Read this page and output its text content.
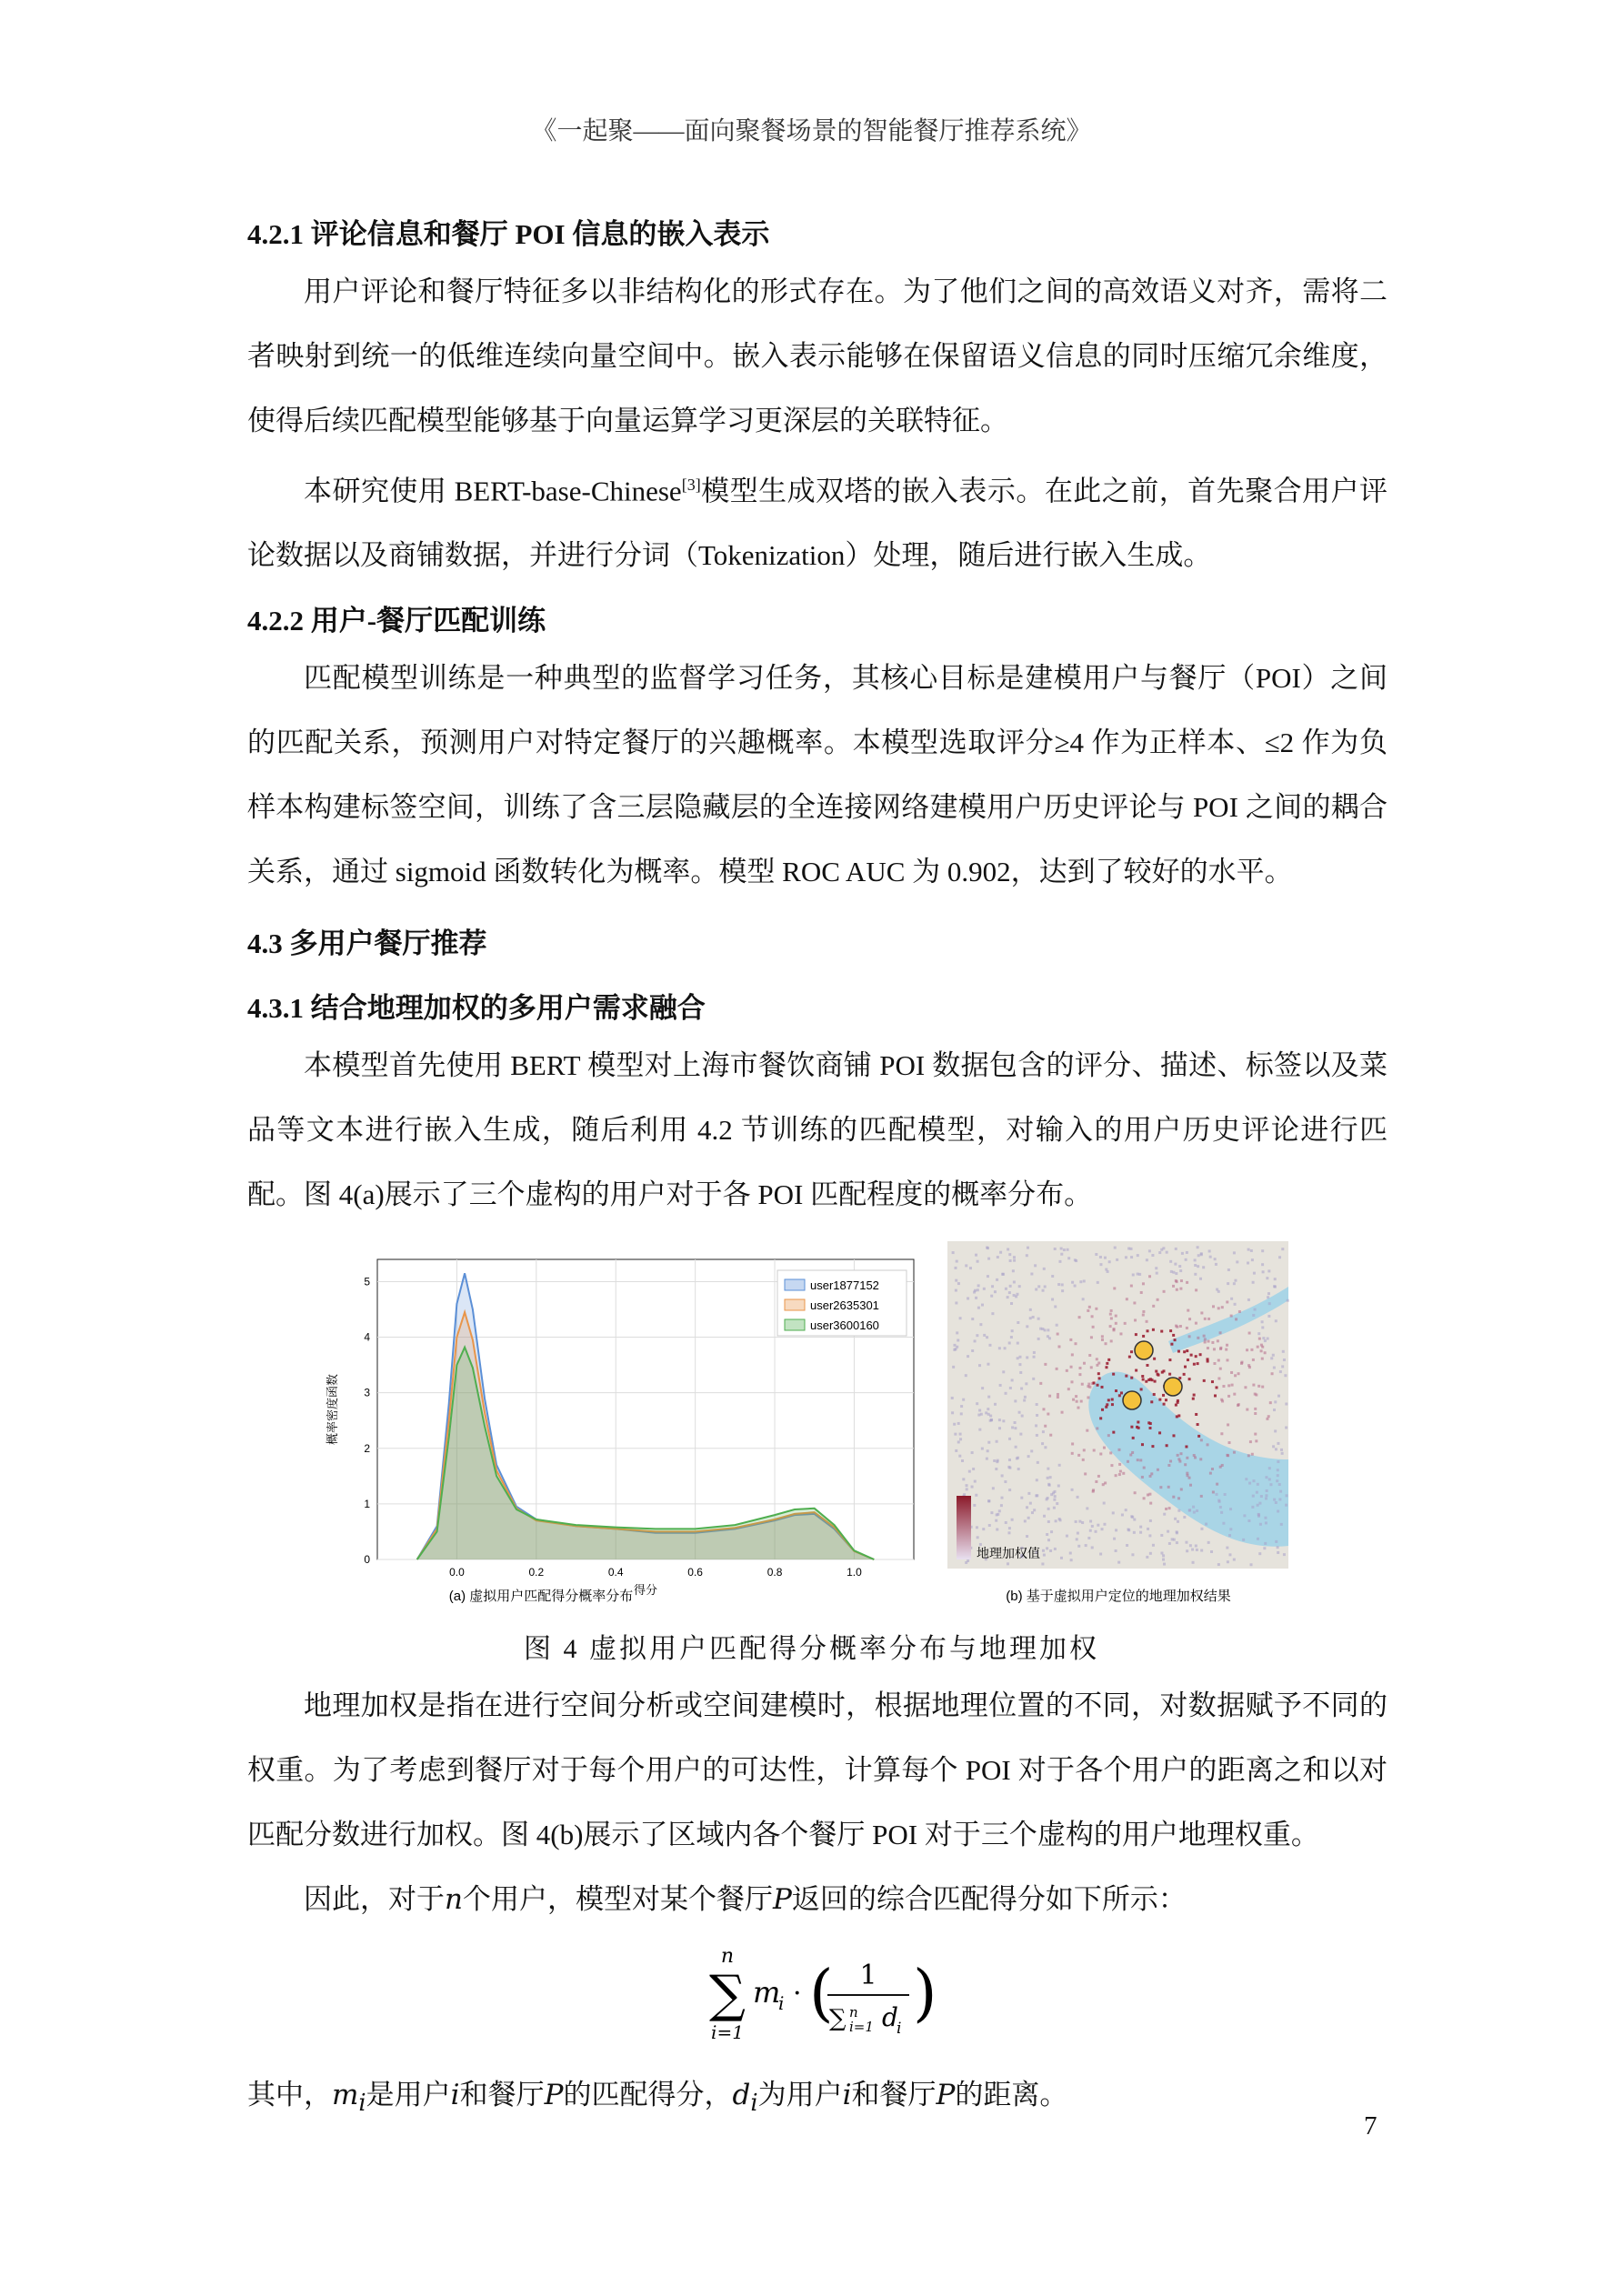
《一起聚——面向聚餐场景的智能餐厅推荐系统》
4.2.1 评论信息和餐厅 POI 信息的嵌入表示

用户评论和餐厅特征多以非结构化的形式存在。为了他们之间的高效语义对齐，需将二者映射到统一的低维连续向量空间中。嵌入表示能够在保留语义信息的同时压缩冗余维度，使得后续匹配模型能够基于向量运算学习更深层的关联特征。

本研究使用 BERT-base-Chinese[3]模型生成双塔的嵌入表示。在此之前，首先聚合用户评论数据以及商铺数据，并进行分词（Tokenization）处理，随后进行嵌入生成。

4.2.2 用户-餐厅匹配训练

匹配模型训练是一种典型的监督学习任务，其核心目标是建模用户与餐厅（POI）之间的匹配关系，预测用户对特定餐厅的兴趣概率。本模型选取评分≥4 作为正样本、≤2 作为负样本构建标签空间，训练了含三层隐藏层的全连接网络建模用户历史评论与 POI 之间的耦合关系，通过 sigmoid 函数转化为概率。模型 ROC AUC 为 0.902，达到了较好的水平。

4.3 多用户餐厅推荐
4.3.1 结合地理加权的多用户需求融合

本模型首先使用 BERT 模型对上海市餐饮商铺 POI 数据包含的评分、描述、标签以及菜品等文本进行嵌入生成，随后利用 4.2 节训练的匹配模型，对输入的用户历史评论进行匹配。图 4(a)展示了三个虚构的用户对于各 POI 匹配程度的概率分布。

0.0	0.2	0.4	0.6	0.8	1.0
0
1
2
3
4
5	user1877152
user2635301
user3600160
得分
概率密度函数
(a) 虚拟用户匹配得分概率分布
地理加权值
(b) 基于虚拟用户定位的地理加权结果
图 4 虚拟用户匹配得分概率分布与地理加权

地理加权是指在进行空间分析或空间建模时，根据地理位置的不同，对数据赋予不同的权重。为了考虑到餐厅对于每个用户的可达性，计算每个 POI 对于各个用户的距离之和以对匹配分数进行加权。图 4(b)展示了区域内各个餐厅 POI 对于三个虚构的用户地理权重。

因此，对于n个用户，模型对某个餐厅P返回的综合匹配得分如下所示：

n
∑
i=1
m
i · ( 1
∑ n
i=1 d
i )
其中，$m_i$是用户i和餐厅P的匹配得分，$d_i$为用户i和餐厅P的距离。
7
